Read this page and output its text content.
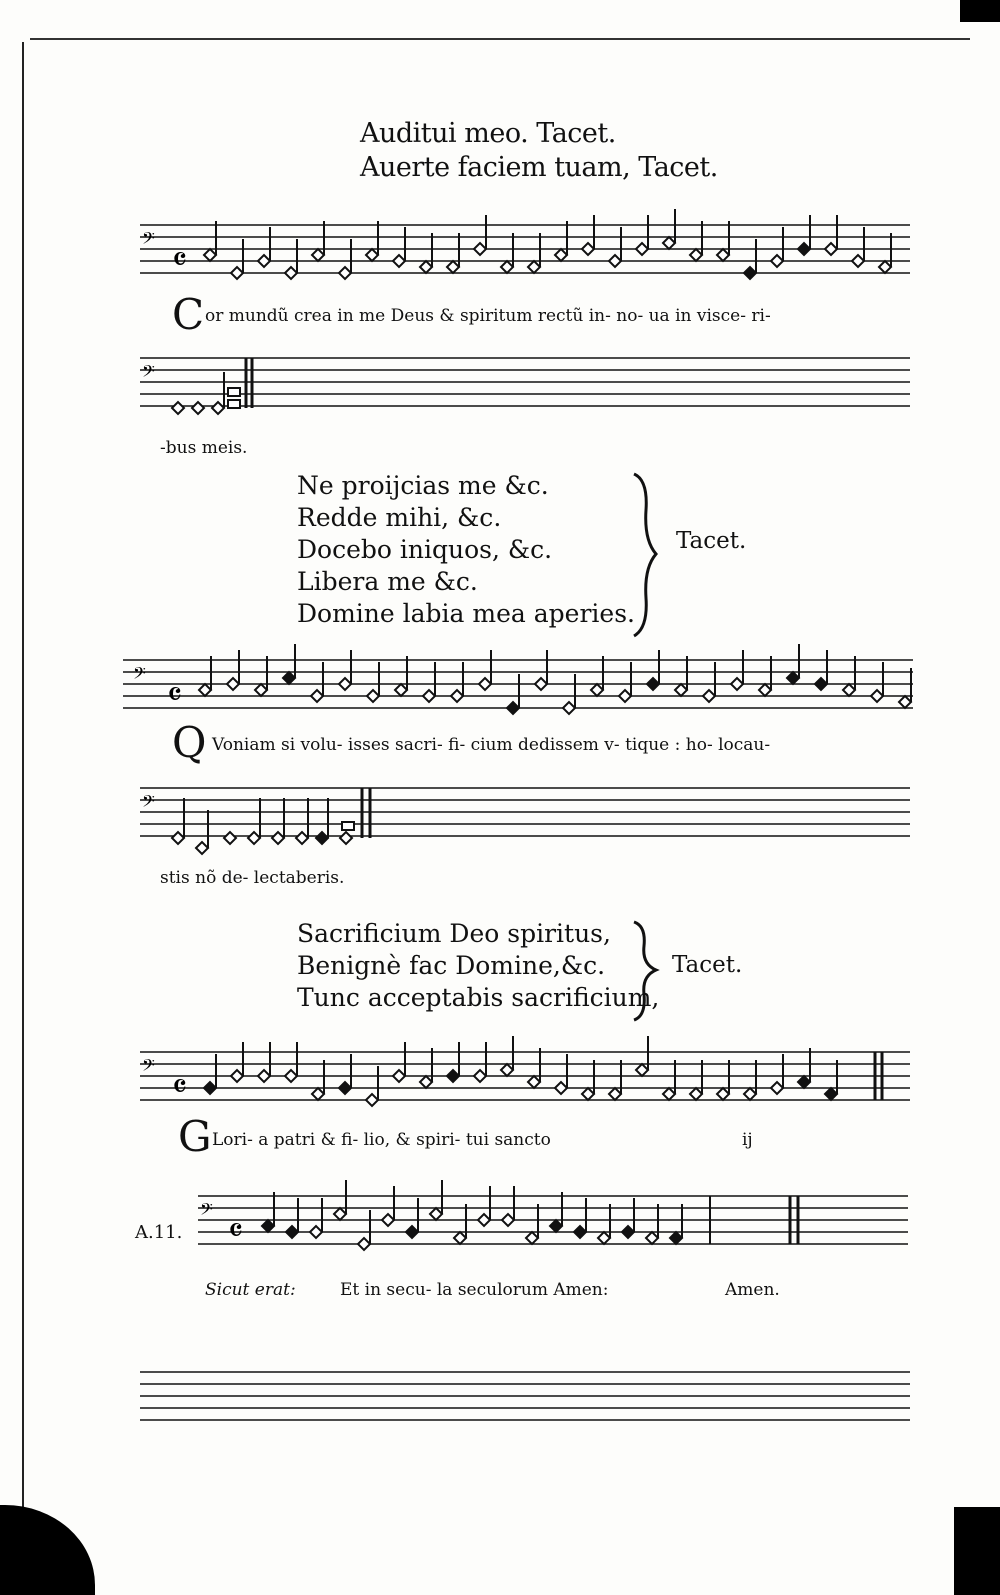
Auditui meo. Tacet.
Auerte faciem tuam, Tacet.
𝄢 𝄴
C or mundũ crea in me Deus & spiritum rectũ in- no- ua in visce- ri-
𝄢
-bus meis.
Ne proijcias me &c.
Redde mihi, &c.
Docebo iniquos, &c.
Libera me &c.
Domine labia mea aperies.
Tacet.
𝄢 𝄴
Q Voniam si volu- isses sacri- fi- cium dedissem v- tique : ho- locau-
𝄢
stis nõ de- lectaberis.
Sacrificium Deo spiritus,
Benignè fac Domine,&c.
Tunc acceptabis sacrificium,
Tacet.
𝄢 𝄴
G Lori- a patri & fi- lio, & spiri- tui sancto	ij
A.11.
𝄢 𝄴
Sicut erat:	Et in secu- la seculorum Amen:	Amen.
